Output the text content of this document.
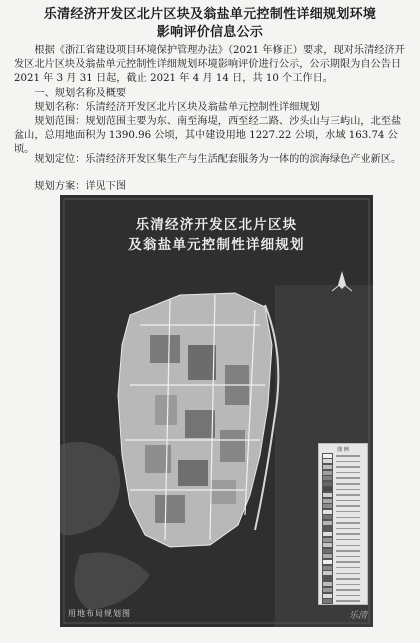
乐清经济开发区北片区块及翁盐单元控制性详细规划环境
影响评价信息公示
根据《浙江省建设项目环境保护管理办法》（2021 年修正）要求，现对乐清经济开发区北片区块及翁盐单元控制性详细规划环境影响评价进行公示，公示期限为自公告日 2021 年 3 月 31 日起，截止 2021 年 4 月 14 日，共 10 个工作日。
一、规划名称及概要
规划名称：乐清经济开发区北片区块及翁盐单元控制性详细规划
规划范围：规划范围主要为东、南至海堤，西至经二路、沙头山与三屿山，北至盐盆山，总用地面积为 1390.96 公顷，其中建设用地 1227.22 公顷，水域 163.74 公顷。
规划定位：乐清经济开发区集生产与生活配套服务为一体的的滨海绿色产业新区。
规划方案：详见下图
乐清经济开发区北片区块
及翁盐单元控制性详细规划
图 例
用地布局规划图	乐清
